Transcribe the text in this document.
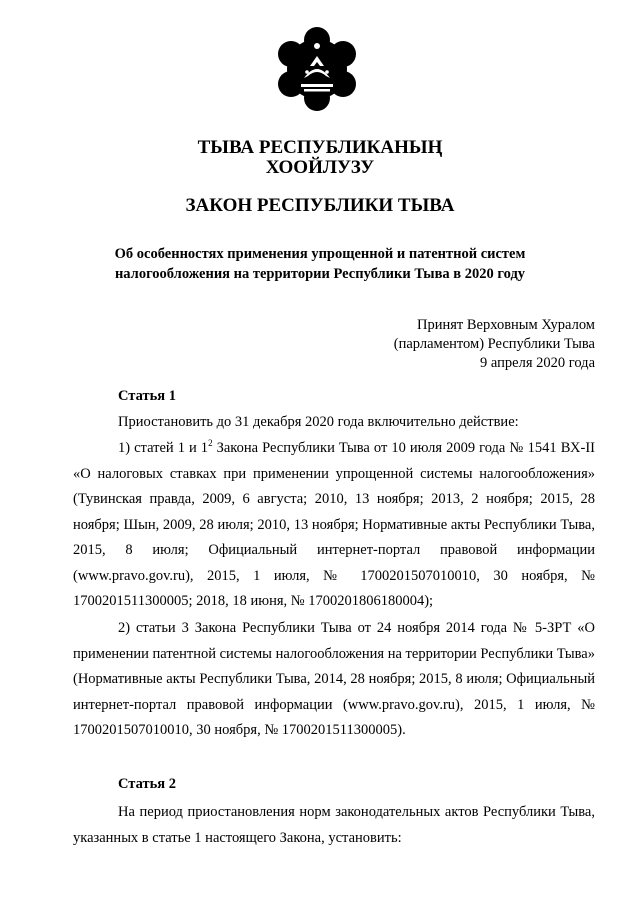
ТЫВА РЕСПУБЛИКАНЫҢ
ХООЙЛУЗУ
ЗАКОН РЕСПУБЛИКИ ТЫВА
Об особенностях применения упрощенной и патентной систем
налогообложения на территории Республики Тыва в 2020 году
Принят Верховным Хуралом
(парламентом) Республики Тыва
9 апреля 2020 года
Статья 1

Приостановить до 31 декабря 2020 года включительно действие:

1) статей 1 и $1^2$ Закона Республики Тыва от 10 июля 2009 года № 1541 ВХ-II «О налоговых ставках при применении упрощенной системы налогообложения» (Тувинская правда, 2009, 6 августа; 2010, 13 ноября; 2013, 2 ноября; 2015, 28 ноября; Шын, 2009, 28 июля; 2010, 13 ноября; Нормативные акты Республики Тыва, 2015, 8 июля; Официальный интернет-портал правовой информации (www.pravo.gov.ru), 2015, 1 июля, № 1700201507010010, 30 ноября, № 1700201511300005; 2018, 18 июня, № 1700201806180004);

2) статьи 3 Закона Республики Тыва от 24 ноября 2014 года № 5-ЗРТ «О применении патентной системы налогообложения на территории Республики Тыва» (Нормативные акты Республики Тыва, 2014, 28 ноября; 2015, 8 июля; Официальный интернет-портал правовой информации (www.pravo.gov.ru), 2015, 1 июля, № 1700201507010010, 30 ноября, № 1700201511300005).

Статья 2

На период приостановления норм законодательных актов Республики Тыва, указанных в статье 1 настоящего Закона, установить:
